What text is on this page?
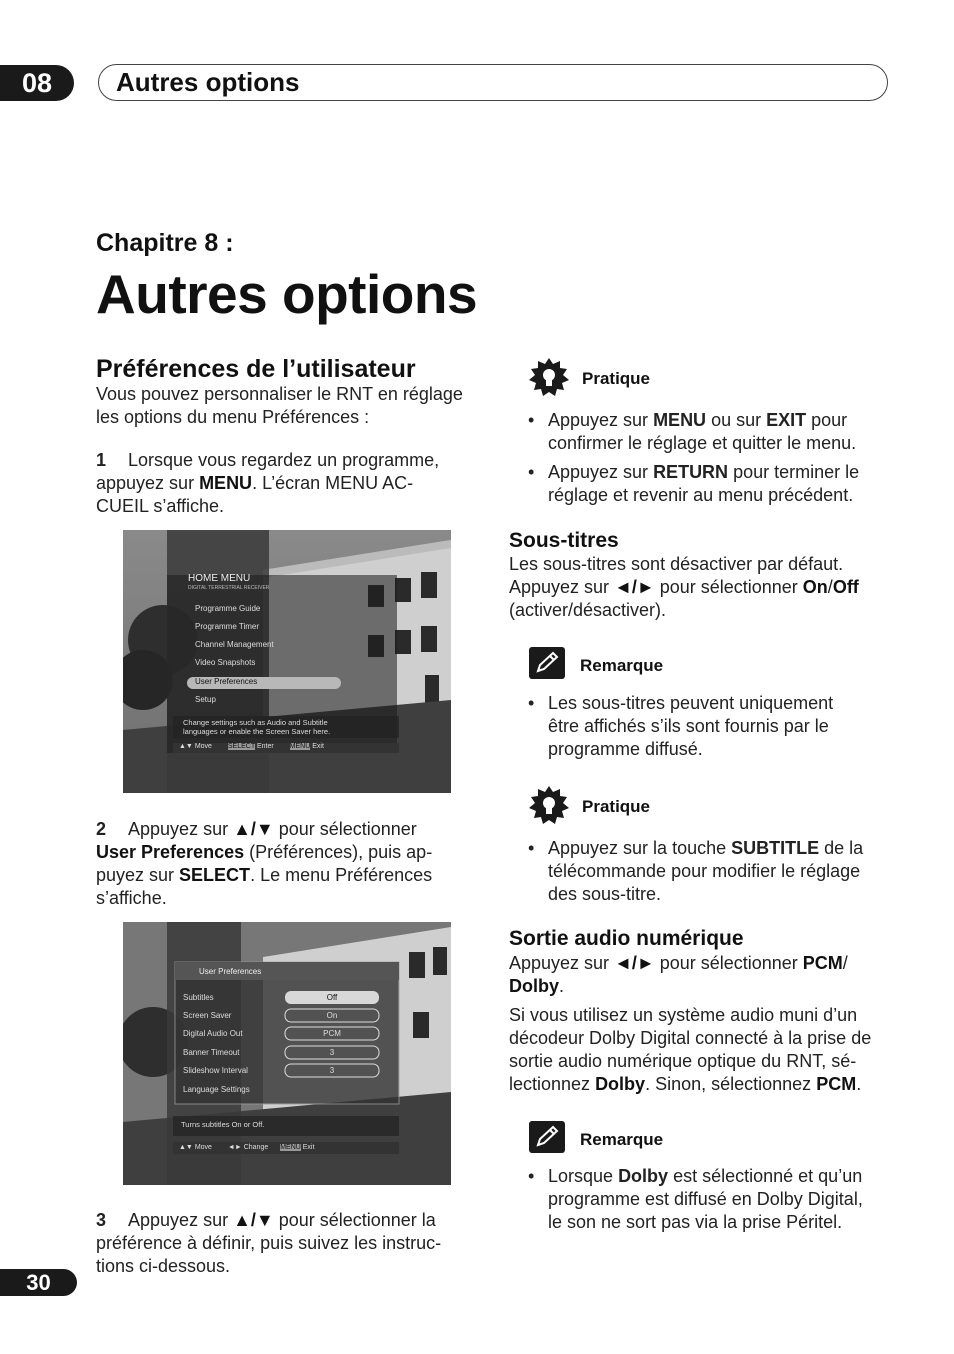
08	Autres options
Chapitre 8 :
Autres options
Préférences de l’utilisateur
Vous pouvez personnaliser le RNT en réglage
les options du menu Préférences :
1 Lorsque vous regardez un programme,
appuyez sur MENU. L’écran MENU AC-
CUEIL s’affiche.
HOME MENU
DIGITAL TERRESTRIAL RECEIVER
Programme Guide
Programme Timer
Channel Management
Video Snapshots
User Preferences
Setup
Change settings such as Audio and Subtitle
languages or enable the Screen Saver here.
▲▼ Move SELECT Enter MENU Exit
2 Appuyez sur ▲/▼ pour sélectionner
User Preferences (Préférences), puis ap-
puyez sur SELECT. Le menu Préférences
s’affiche.
User Preferences
Subtitles	Off
Screen Saver	On
Digital Audio Out	PCM
Banner Timeout	3
Slideshow Interval	3
Language Settings
Turns subtitles On or Off.
▲▼ Move ◄► Change MENU Exit
3 Appuyez sur ▲/▼ pour sélectionner la
préférence à définir, puis suivez les instruc-
tions ci-dessous.
Pratique
• Appuyez sur MENU ou sur EXIT pour
confirmer le réglage et quitter le menu.
• Appuyez sur RETURN pour terminer le
réglage et revenir au menu précédent.
Sous-titres
Les sous-titres sont désactiver par défaut.
Appuyez sur ◄/► pour sélectionner On/Off
(activer/désactiver).
Remarque
• Les sous-titres peuvent uniquement
être affichés s’ils sont fournis par le
programme diffusé.
Pratique
• Appuyez sur la touche SUBTITLE de la
télécommande pour modifier le réglage
des sous-titre.
Sortie audio numérique
Appuyez sur ◄/► pour sélectionner PCM/
Dolby.
Si vous utilisez un système audio muni d’un
décodeur Dolby Digital connecté à la prise de
sortie audio numérique optique du RNT, sé-
lectionnez Dolby. Sinon, sélectionnez PCM.
Remarque
• Lorsque Dolby est sélectionné et qu’un
programme est diffusé en Dolby Digital,
le son ne sort pas via la prise Péritel.
30
